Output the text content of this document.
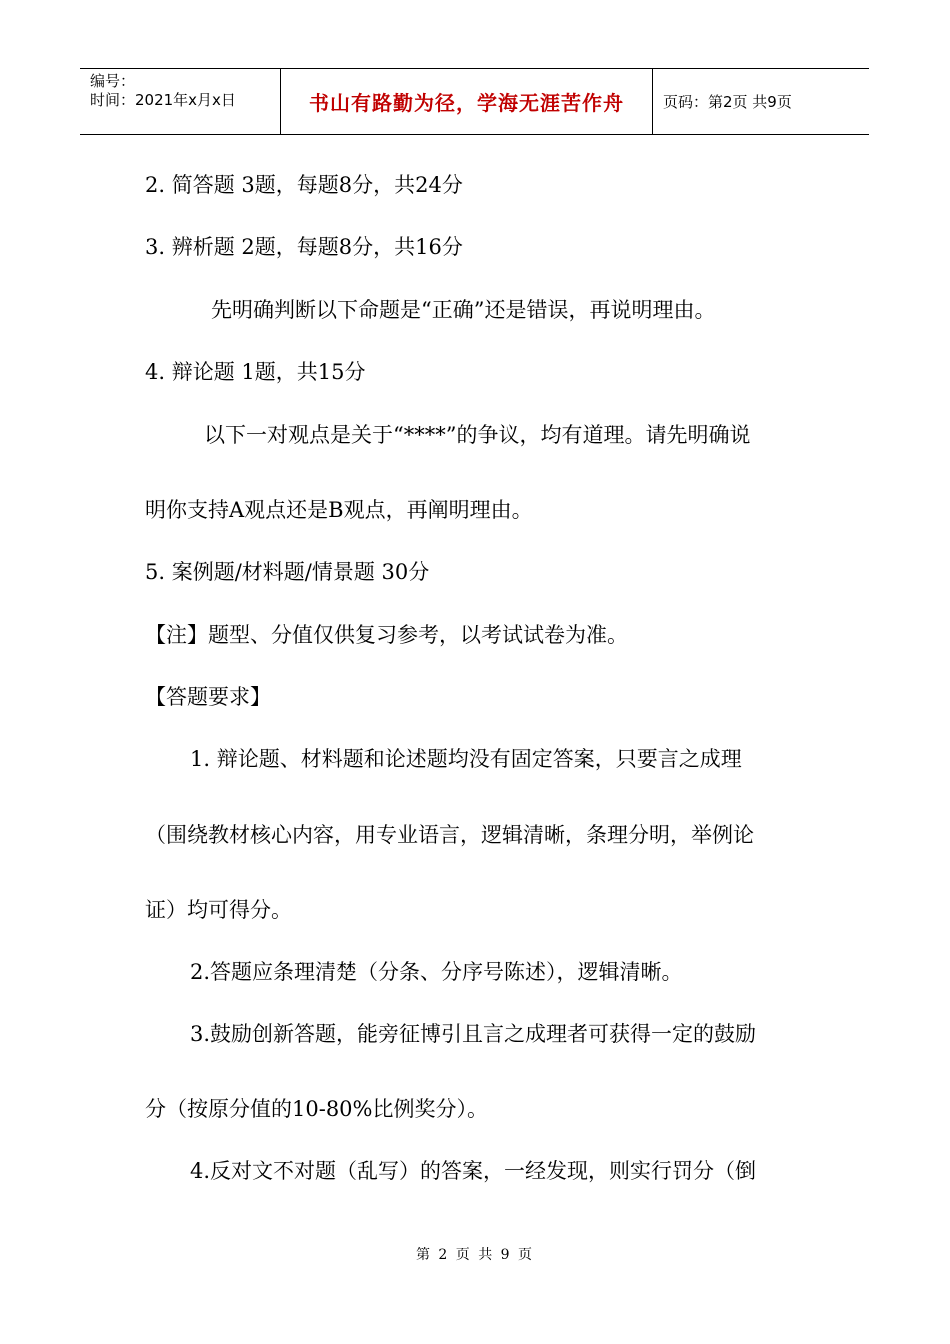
编号：
时间：2021年x月x日	书山有路勤为径，学海无涯苦作舟	页码：第2页 共9页
2. 简答题 3题，每题8分，共24分
3. 辨析题 2题，每题8分，共16分
先明确判断以下命题是“正确”还是错误，再说明理由。
4. 辩论题 1题，共15分
以下一对观点是关于“****”的争议，均有道理。请先明确说
明你支持A观点还是B观点，再阐明理由。
5. 案例题/材料题/情景题 30分
【注】题型、分值仅供复习参考，以考试试卷为准。
【答题要求】
1. 辩论题、材料题和论述题均没有固定答案，只要言之成理
（围绕教材核心内容，用专业语言，逻辑清晰，条理分明，举例论
证）均可得分。
2.答题应条理清楚（分条、分序号陈述），逻辑清晰。
3.鼓励创新答题，能旁征博引且言之成理者可获得一定的鼓励
分（按原分值的10-80%比例奖分）。
4.反对文不对题（乱写）的答案，一经发现，则实行罚分（倒
第 2 页 共 9 页
